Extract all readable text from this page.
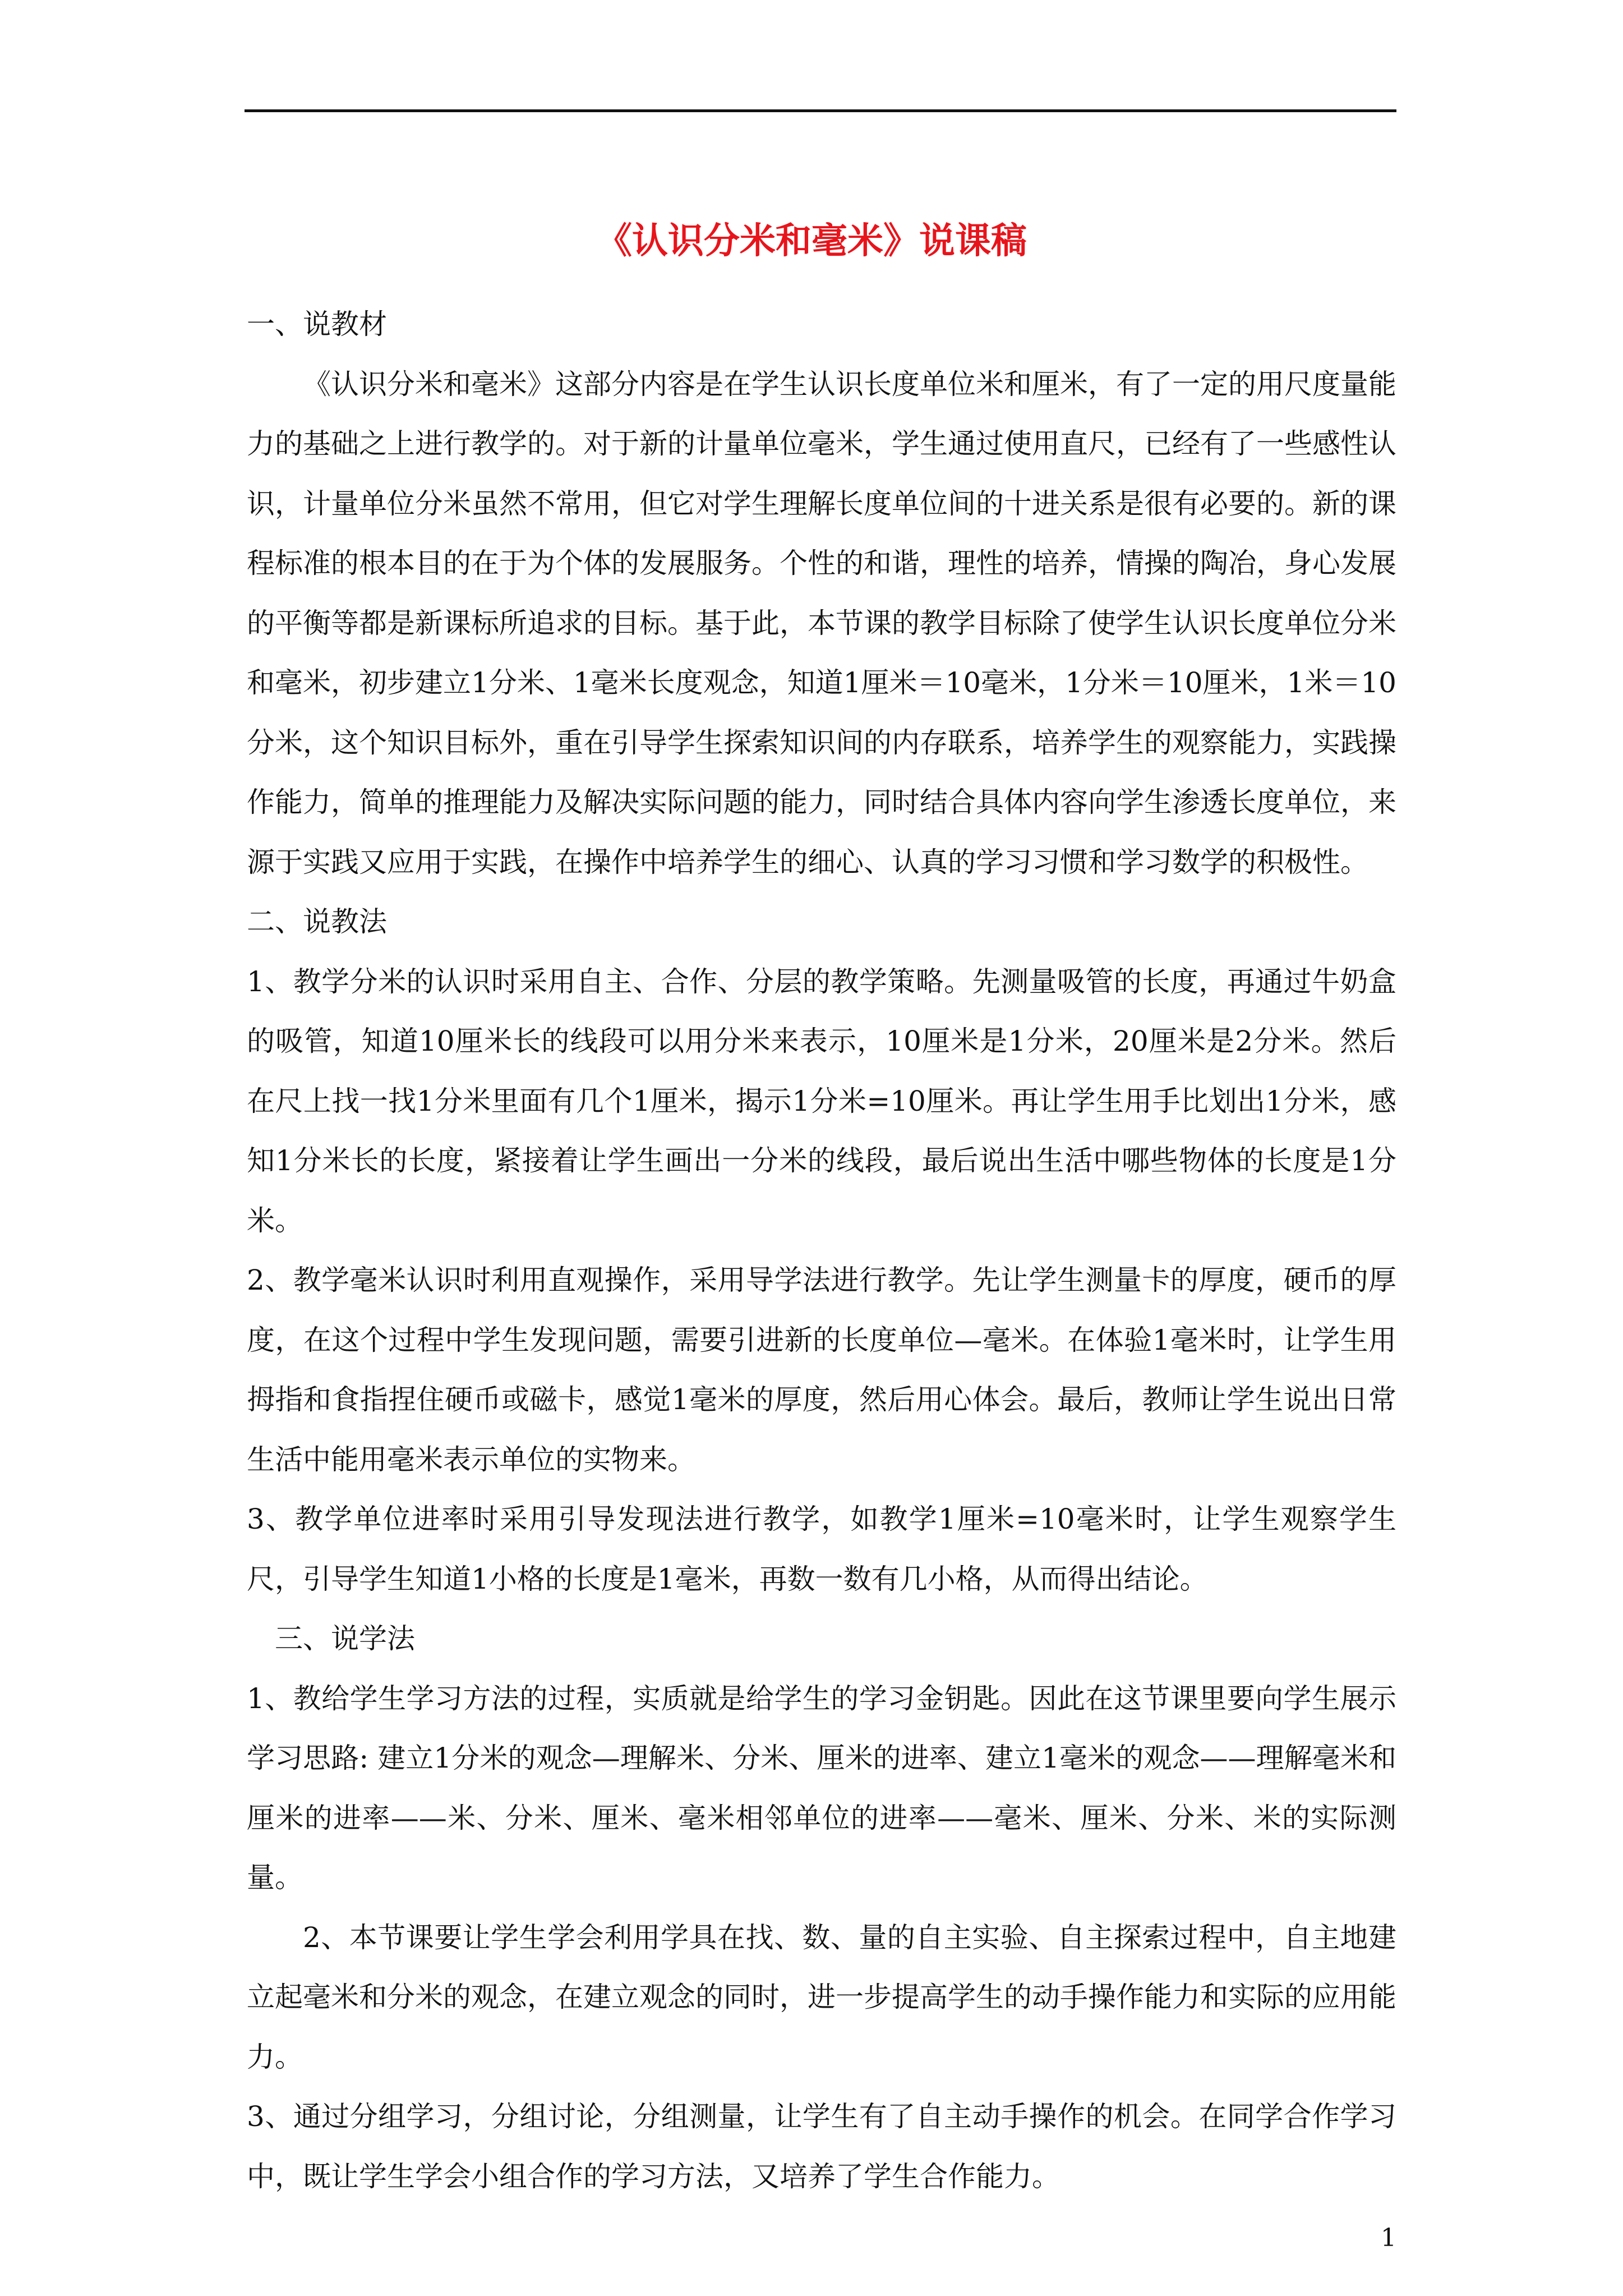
《认识分米和毫米》说课稿

一、说教材

《认识分米和毫米》这部分内容是在学生认识长度单位米和厘米，有了一定的用尺度量能力的基础之上进行教学的。对于新的计量单位毫米，学生通过使用直尺，已经有了一些感性认识，计量单位分米虽然不常用，但它对学生理解长度单位间的十进关系是很有必要的。新的课程标准的根本目的在于为个体的发展服务。个性的和谐，理性的培养，情操的陶冶，身心发展的平衡等都是新课标所追求的目标。基于此，本节课的教学目标除了使学生认识长度单位分米和毫米，初步建立1分米、1毫米长度观念，知道1厘米＝10毫米，1分米＝10厘米，1米＝10分米，这个知识目标外，重在引导学生探索知识间的内存联系，培养学生的观察能力，实践操作能力，简单的推理能力及解决实际问题的能力，同时结合具体内容向学生渗透长度单位，来源于实践又应用于实践，在操作中培养学生的细心、认真的学习习惯和学习数学的积极性。

二、说教法

1、教学分米的认识时采用自主、合作、分层的教学策略。先测量吸管的长度，再通过牛奶盒的吸管，知道10厘米长的线段可以用分米来表示，10厘米是1分米，20厘米是2分米。然后在尺上找一找1分米里面有几个1厘米，揭示1分米=10厘米。再让学生用手比划出1分米，感知1分米长的长度，紧接着让学生画出一分米的线段，最后说出生活中哪些物体的长度是1分米。

2、教学毫米认识时利用直观操作，采用导学法进行教学。先让学生测量卡的厚度，硬币的厚度，在这个过程中学生发现问题，需要引进新的长度单位—毫米。在体验1毫米时，让学生用拇指和食指捏住硬币或磁卡，感觉1毫米的厚度，然后用心体会。最后，教师让学生说出日常生活中能用毫米表示单位的实物来。

3、教学单位进率时采用引导发现法进行教学，如教学1厘米=10毫米时，让学生观察学生尺，引导学生知道1小格的长度是1毫米，再数一数有几小格，从而得出结论。

三、说学法

1、教给学生学习方法的过程，实质就是给学生的学习金钥匙。因此在这节课里要向学生展示学习思路: 建立1分米的观念—理解米、分米、厘米的进率、建立1毫米的观念——理解毫米和厘米的进率——米、分米、厘米、毫米相邻单位的进率——毫米、厘米、分米、米的实际测量。

2、本节课要让学生学会利用学具在找、数、量的自主实验、自主探索过程中，自主地建立起毫米和分米的观念，在建立观念的同时，进一步提高学生的动手操作能力和实际的应用能力。

3、通过分组学习，分组讨论，分组测量，让学生有了自主动手操作的机会。在同学合作学习中，既让学生学会小组合作的学习方法，又培养了学生合作能力。

1
